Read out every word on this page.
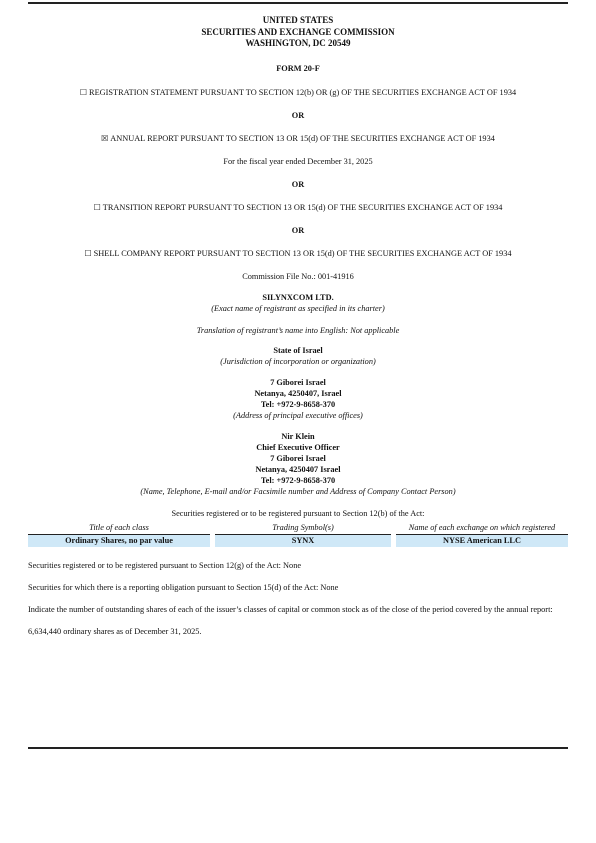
UNITED STATES
SECURITIES AND EXCHANGE COMMISSION
WASHINGTON, DC 20549
FORM 20-F
☐ REGISTRATION STATEMENT PURSUANT TO SECTION 12(b) OR (g) OF THE SECURITIES EXCHANGE ACT OF 1934
OR
☒ ANNUAL REPORT PURSUANT TO SECTION 13 OR 15(d) OF THE SECURITIES EXCHANGE ACT OF 1934
For the fiscal year ended December 31, 2025
OR
☐ TRANSITION REPORT PURSUANT TO SECTION 13 OR 15(d) OF THE SECURITIES EXCHANGE ACT OF 1934
OR
☐ SHELL COMPANY REPORT PURSUANT TO SECTION 13 OR 15(d) OF THE SECURITIES EXCHANGE ACT OF 1934
Commission File No.: 001-41916
SILYNXCOM LTD.
(Exact name of registrant as specified in its charter)
Translation of registrant’s name into English: Not applicable
State of Israel
(Jurisdiction of incorporation or organization)
7 Giborei Israel
Netanya, 4250407, Israel
Tel: +972-9-8658-370
(Address of principal executive offices)
Nir Klein
Chief Executive Officer
7 Giborei Israel
Netanya, 4250407 Israel
Tel: +972-9-8658-370
(Name, Telephone, E-mail and/or Facsimile number and Address of Company Contact Person)
Securities registered or to be registered pursuant to Section 12(b) of the Act:
Title of each class		Trading Symbol(s)		Name of each exchange on which registered
Ordinary Shares, no par value		SYNX		NYSE American LLC
Securities registered or to be registered pursuant to Section 12(g) of the Act: None
Securities for which there is a reporting obligation pursuant to Section 15(d) of the Act: None
Indicate the number of outstanding shares of each of the issuer’s classes of capital or common stock as of the close of the period covered by the annual report:
6,634,440 ordinary shares as of December 31, 2025.
